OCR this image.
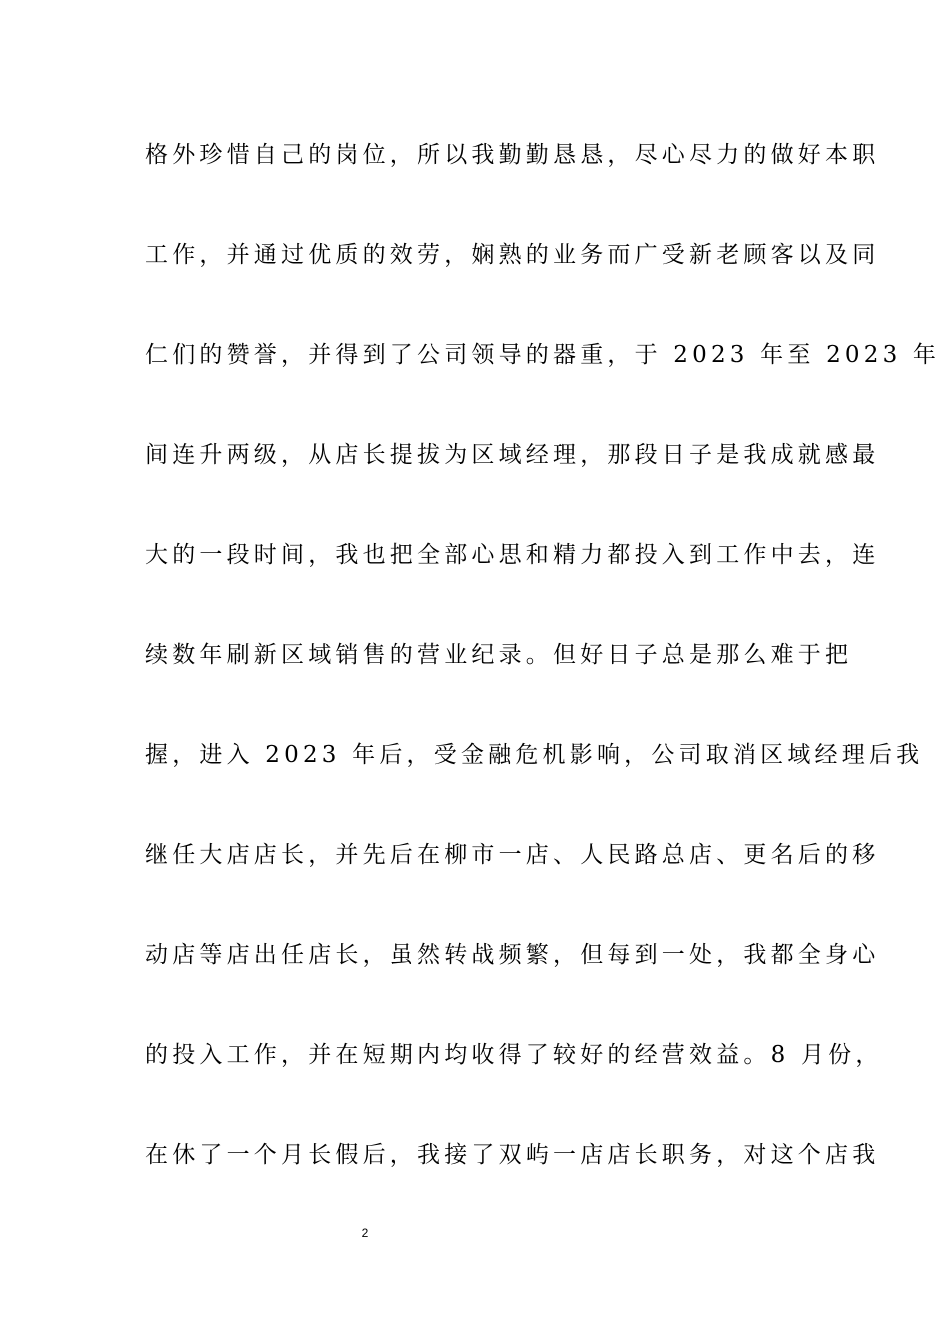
格外珍惜自己的岗位，所以我勤勤恳恳，尽心尽力的做好本职
工作，并通过优质的效劳，娴熟的业务而广受新老顾客以及同
仁们的赞誉，并得到了公司领导的器重，于 2023 年至 2023 年
间连升两级，从店长提拔为区域经理，那段日子是我成就感最
大的一段时间，我也把全部心思和精力都投入到工作中去，连
续数年刷新区域销售的营业纪录。但好日子总是那么难于把
握，进入 2023 年后，受金融危机影响，公司取消区域经理后我
继任大店店长，并先后在柳市一店、人民路总店、更名后的移
动店等店出任店长，虽然转战频繁，但每到一处，我都全身心
的投入工作，并在短期内均收得了较好的经营效益。8 月份，
在休了一个月长假后，我接了双屿一店店长职务，对这个店我
2
